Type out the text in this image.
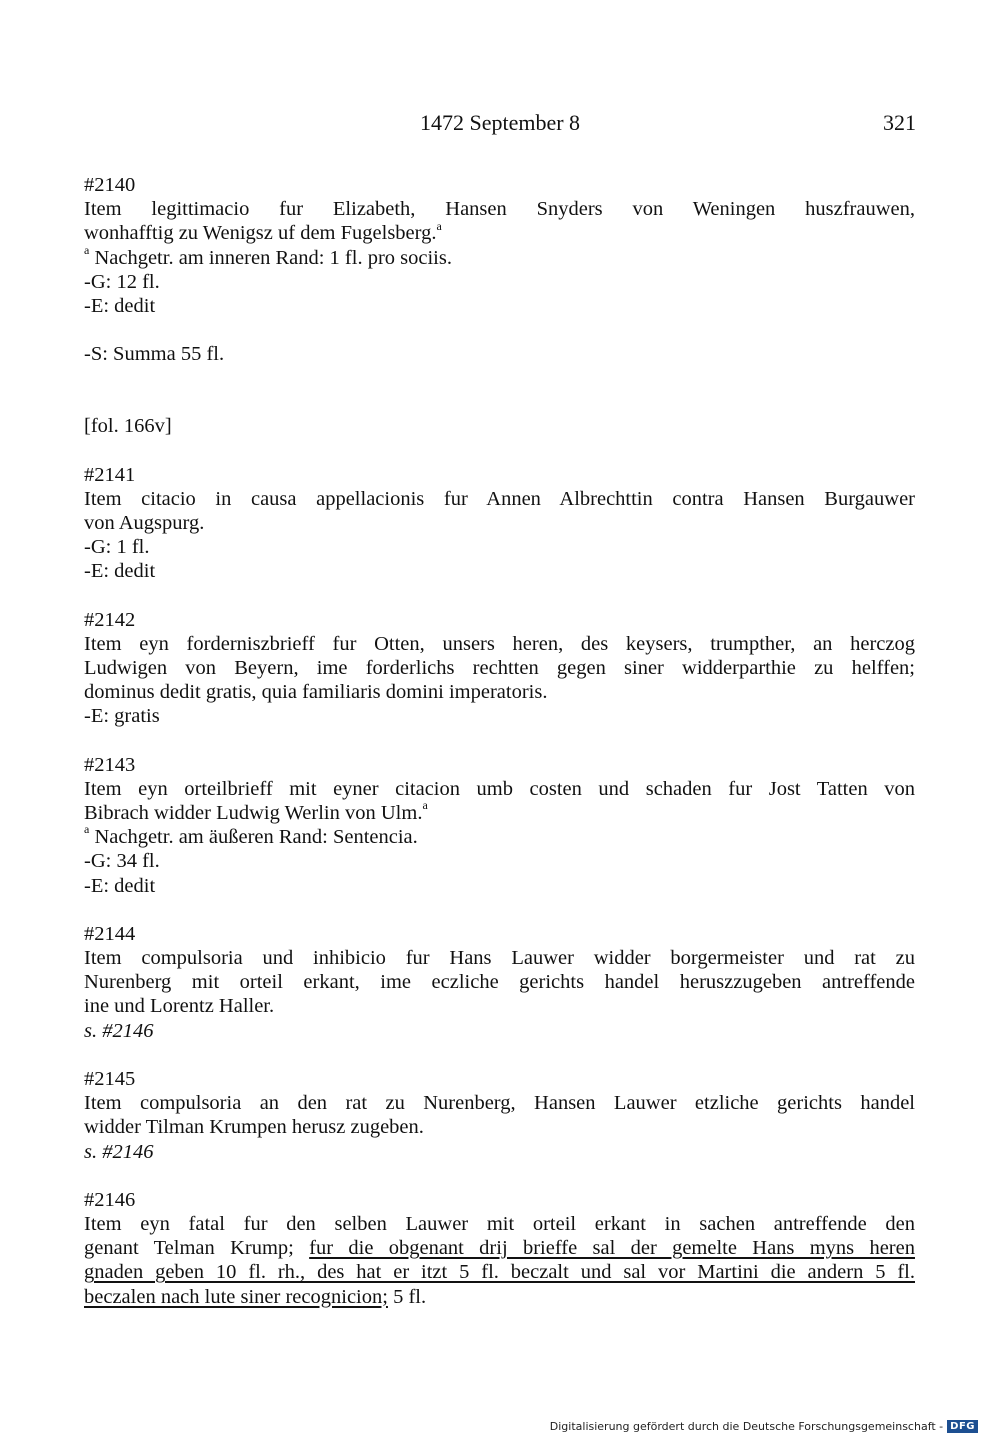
1472 September 8	321
#2140
Item legittimacio fur Elizabeth, Hansen Snyders von Weningen huszfrauwen,
wonhafftig zu Wenigsz uf dem Fugelsberg.$^a$
$^a$ Nachgetr. am inneren Rand: 1 fl. pro sociis.
-G: 12 fl.
-E: dedit
-S: Summa 55 fl.
[fol. 166v]
#2141
Item citacio in causa appellacionis fur Annen Albrechttin contra Hansen Burgauwer
von Augspurg.
-G: 1 fl.
-E: dedit
#2142
Item eyn forderniszbrieff fur Otten, unsers heren, des keysers, trumpther, an herczog
Ludwigen von Beyern, ime forderlichs rechtten gegen siner widderparthie zu helffen;
dominus dedit gratis, quia familiaris domini imperatoris.
-E: gratis
#2143
Item eyn orteilbrieff mit eyner citacion umb costen und schaden fur Jost Tatten von
Bibrach widder Ludwig Werlin von Ulm.$^a$
$^a$ Nachgetr. am äußeren Rand: Sentencia.
-G: 34 fl.
-E: dedit
#2144
Item compulsoria und inhibicio fur Hans Lauwer widder borgermeister und rat zu
Nurenberg mit orteil erkant, ime eczliche gerichts handel heruszzugeben antreffende
ine und Lorentz Haller.
s. #2146
#2145
Item compulsoria an den rat zu Nurenberg, Hansen Lauwer etzliche gerichts handel
widder Tilman Krumpen herusz zugeben.
s. #2146
#2146
Item eyn fatal fur den selben Lauwer mit orteil erkant in sachen antreffende den
genant Telman Krump; fur die obgenant drij brieffe sal der gemelte Hans myns heren
gnaden geben 10 fl. rh., des hat er itzt 5 fl. beczalt und sal vor Martini die andern 5 fl.
beczalen nach lute siner recognicion; 5 fl.
Digitalisierung gefördert durch die Deutsche Forschungsgemeinschaft - DFG
